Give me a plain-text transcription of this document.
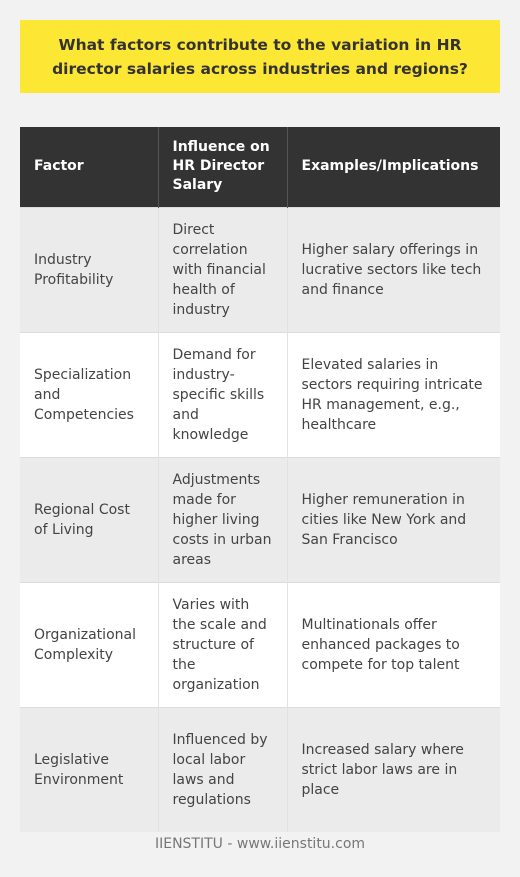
What factors contribute to the variation in HR director salaries across industries and regions?
Factor	Influence on HR Director Salary	Examples/Implications
Industry Profitability	Direct correlation with financial health of industry	Higher salary offerings in lucrative sectors like tech and finance
Specialization and Competencies	Demand for industry-specific skills and knowledge	Elevated salaries in sectors requiring intricate HR management, e.g., healthcare
Regional Cost of Living	Adjustments made for higher living costs in urban areas	Higher remuneration in cities like New York and San Francisco
Organizational Complexity	Varies with the scale and structure of the organization	Multinationals offer enhanced packages to compete for top talent
Legislative Environment	Influenced by local labor laws and regulations	Increased salary where strict labor laws are in place
IIENSTITU - www.iienstitu.com
